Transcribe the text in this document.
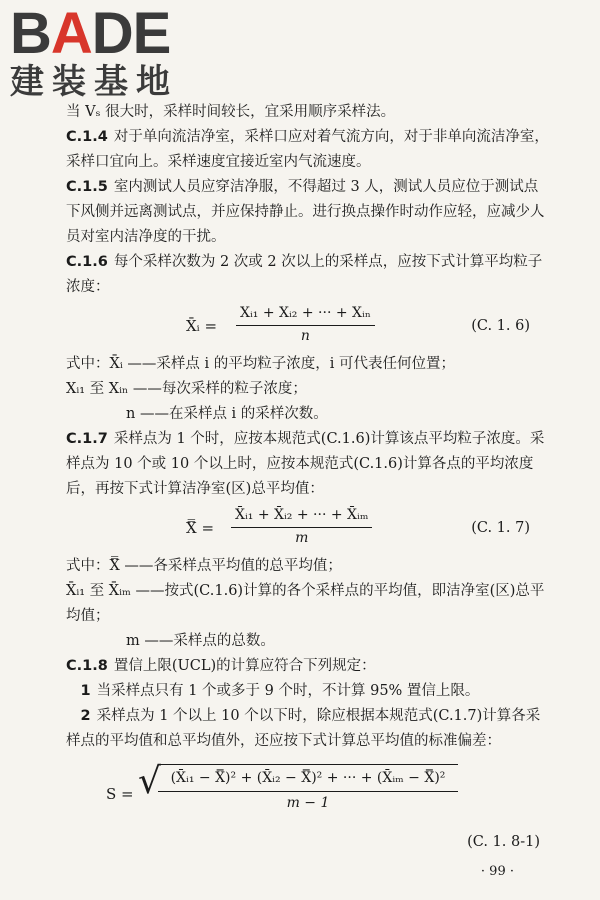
BADE
建装基地

当 Vₛ 很大时，采样时间较长，宜采用顺序采样法。

C.1.4 对于单向流洁净室，采样口应对着气流方向，对于非单向流洁净室，采样口宜向上。采样速度宜接近室内气流速度。

C.1.5 室内测试人员应穿洁净服，不得超过 3 人，测试人员应位于测试点下风侧并远离测试点，并应保持静止。进行换点操作时动作应轻，应减少人员对室内洁净度的干扰。

C.1.6 每个采样次数为 2 次或 2 次以上的采样点，应按下式计算平均粒子浓度：

X̄ᵢ =
Xᵢ₁ + Xᵢ₂ + ··· + Xᵢₙ
n
(C. 1. 6)

式中：X̄ᵢ ——采样点 i 的平均粒子浓度，i 可代表任何位置；

Xᵢ₁ 至 Xᵢₙ ——每次采样的粒子浓度；

n ——在采样点 i 的采样次数。

C.1.7 采样点为 1 个时，应按本规范式(C.1.6)计算该点平均粒子浓度。采样点为 10 个或 10 个以上时，应按本规范式(C.1.6)计算各点的平均浓度后，再按下式计算洁净室(区)总平均值：

X̿ = $\frac{\text{X̄ᵢ₁ + X̄ᵢ₂ + ··· + X̄ᵢₘ}}{m}$	(C. 1. 7)

式中：X̿ ——各采样点平均值的总平均值；

X̄ᵢ₁ 至 X̄ᵢₘ ——按式(C.1.6)计算的各个采样点的平均值，即洁净室(区)总平均值；

m ——采样点的总数。

C.1.8 置信上限(UCL)的计算应符合下列规定：

1 当采样点只有 1 个或多于 9 个时，不计算 95% 置信上限。

2 采样点为 1 个以上 10 个以下时，除应根据本规范式(C.1.7)计算各采样点的平均值和总平均值外，还应按下式计算总平均值的标准偏差：

S = √
$\frac{\text{(X̄ᵢ₁ − X̿)² + (X̄ᵢ₂ − X̿)² + ··· + (X̄ᵢₘ − X̿)²}}{m - 1}$
(C. 1. 8-1)
· 99 ·
